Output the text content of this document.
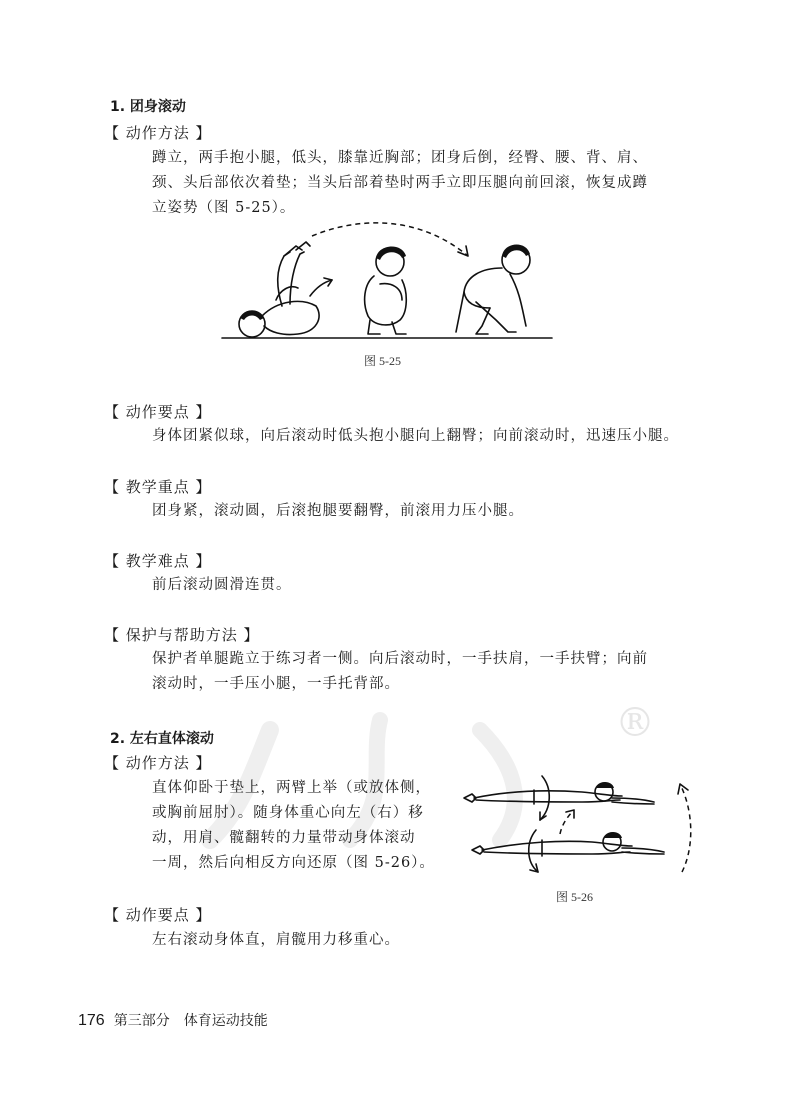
®
1. 团身滚动
【 动作方法 】
蹲立，两手抱小腿，低头，膝靠近胸部；团身后倒，经臀、腰、背、肩、
颈、头后部依次着垫；当头后部着垫时两手立即压腿向前回滚，恢复成蹲
立姿势（图 5-25）。
图 5-25
【 动作要点 】
身体团紧似球，向后滚动时低头抱小腿向上翻臀；向前滚动时，迅速压小腿。
【 教学重点 】
团身紧，滚动圆，后滚抱腿要翻臀，前滚用力压小腿。
【 教学难点 】
前后滚动圆滑连贯。
【 保护与帮助方法 】
保护者单腿跪立于练习者一侧。向后滚动时，一手扶肩，一手扶臂；向前
滚动时，一手压小腿，一手托背部。
2. 左右直体滚动
【 动作方法 】
直体仰卧于垫上，两臂上举（或放体侧，
或胸前屈肘）。随身体重心向左（右）移
动，用肩、髋翻转的力量带动身体滚动
一周，然后向相反方向还原（图 5-26）。
图 5-26
【 动作要点 】
左右滚动身体直，肩髋用力移重心。
176 第三部分　体育运动技能
